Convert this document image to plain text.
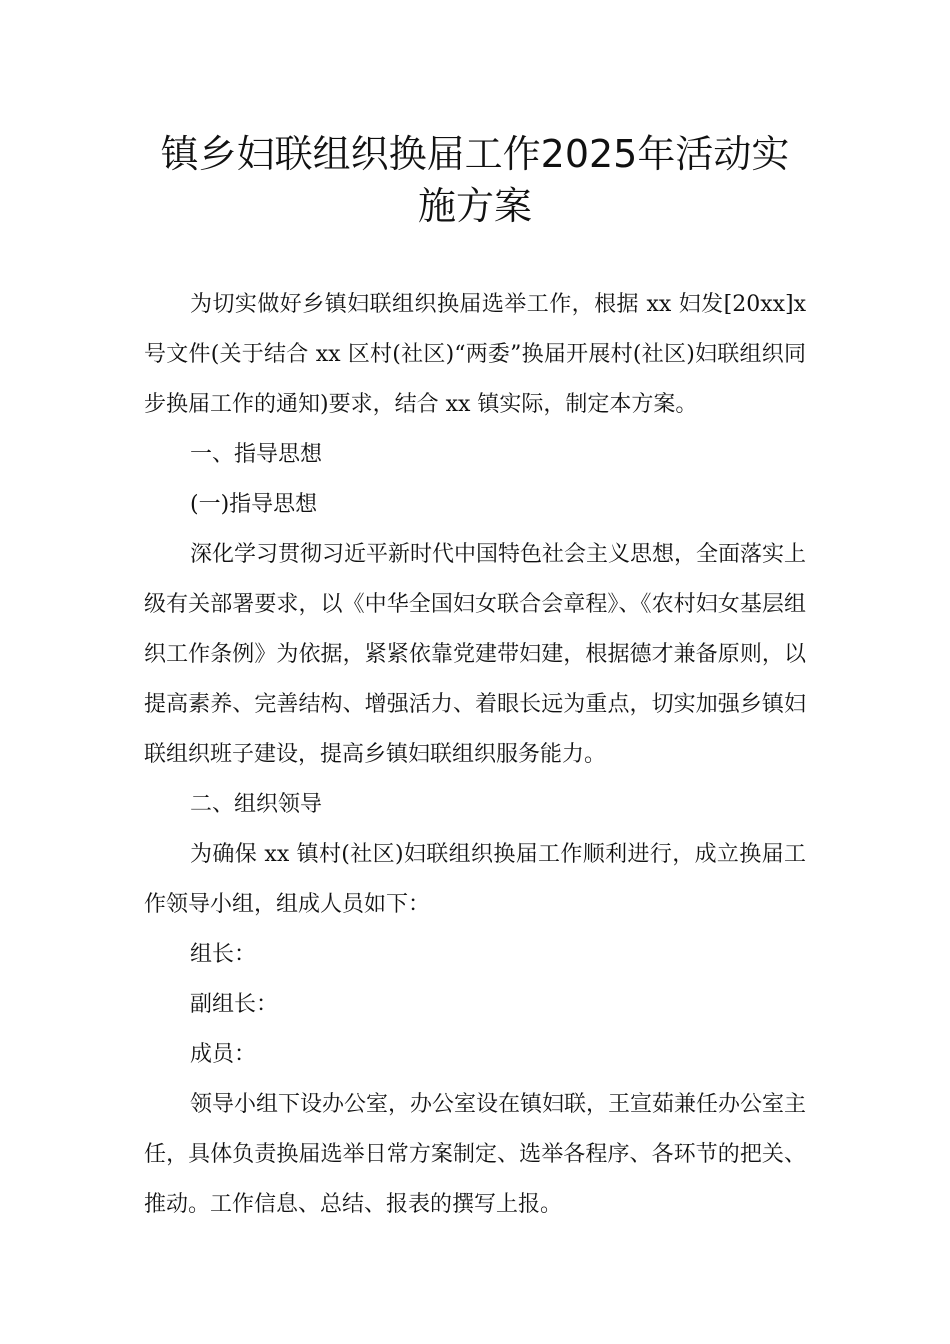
镇乡妇联组织换届工作2025年活动实
施方案

为切实做好乡镇妇联组织换届选举工作，根据 xx 妇发[20xx]x 号文件(关于结合 xx 区村(社区)“两委”换届开展村(社区)妇联组织同步换届工作的通知)要求，结合 xx 镇实际，制定本方案。

一、指导思想

(一)指导思想

深化学习贯彻习近平新时代中国特色社会主义思想，全面落实上级有关部署要求，以《中华全国妇女联合会章程》、《农村妇女基层组织工作条例》为依据，紧紧依靠党建带妇建，根据德才兼备原则，以提高素养、完善结构、增强活力、着眼长远为重点，切实加强乡镇妇联组织班子建设，提高乡镇妇联组织服务能力。

二、组织领导

为确保 xx 镇村(社区)妇联组织换届工作顺利进行，成立换届工作领导小组，组成人员如下：

组长：

副组长：

成员：

领导小组下设办公室，办公室设在镇妇联，王宣茹兼任办公室主任，具体负责换届选举日常方案制定、选举各程序、各环节的把关、推动。工作信息、总结、报表的撰写上报。
